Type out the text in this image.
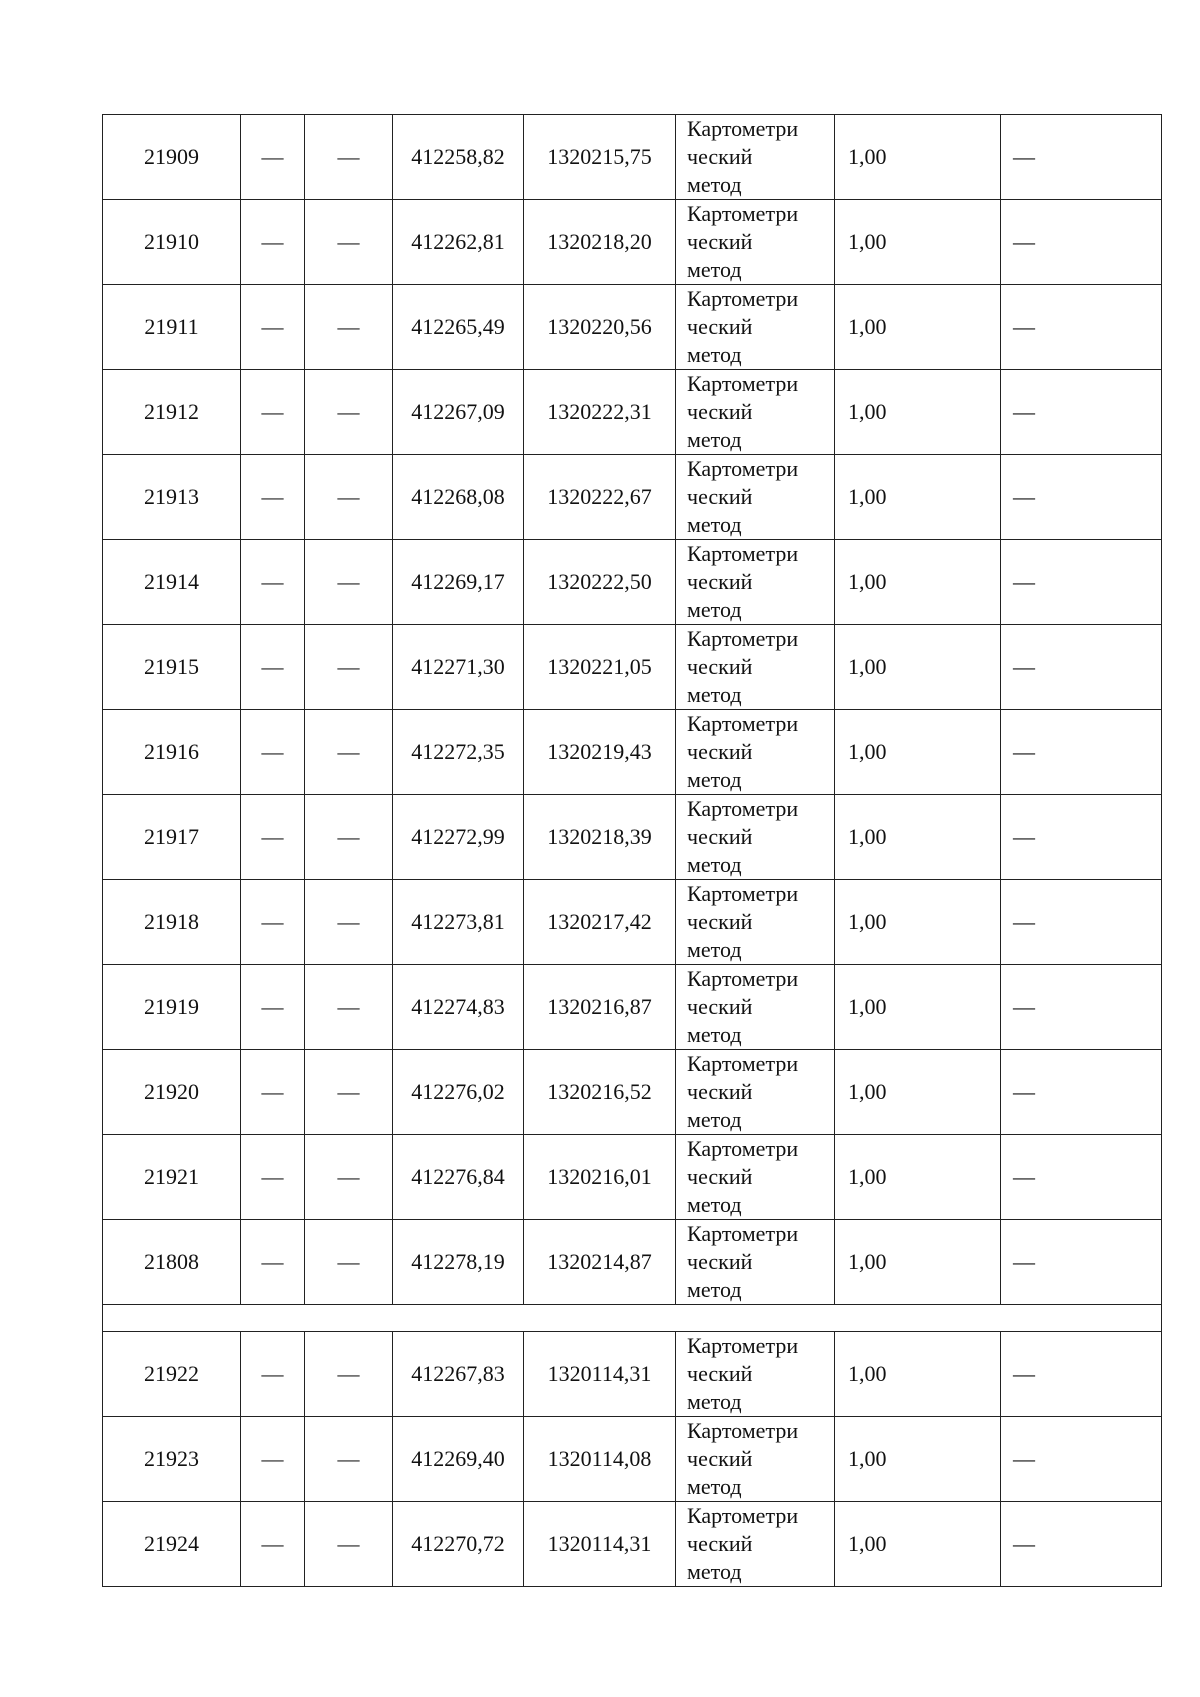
21909	—	—	412258,82	1320215,75	Картометри
ческий
метод	1,00	—
21910	—	—	412262,81	1320218,20	Картометри
ческий
метод	1,00	—
21911	—	—	412265,49	1320220,56	Картометри
ческий
метод	1,00	—
21912	—	—	412267,09	1320222,31	Картометри
ческий
метод	1,00	—
21913	—	—	412268,08	1320222,67	Картометри
ческий
метод	1,00	—
21914	—	—	412269,17	1320222,50	Картометри
ческий
метод	1,00	—
21915	—	—	412271,30	1320221,05	Картометри
ческий
метод	1,00	—
21916	—	—	412272,35	1320219,43	Картометри
ческий
метод	1,00	—
21917	—	—	412272,99	1320218,39	Картометри
ческий
метод	1,00	—
21918	—	—	412273,81	1320217,42	Картометри
ческий
метод	1,00	—
21919	—	—	412274,83	1320216,87	Картометри
ческий
метод	1,00	—
21920	—	—	412276,02	1320216,52	Картометри
ческий
метод	1,00	—
21921	—	—	412276,84	1320216,01	Картометри
ческий
метод	1,00	—
21808	—	—	412278,19	1320214,87	Картометри
ческий
метод	1,00	—

21922	—	—	412267,83	1320114,31	Картометри
ческий
метод	1,00	—
21923	—	—	412269,40	1320114,08	Картометри
ческий
метод	1,00	—
21924	—	—	412270,72	1320114,31	Картометри
ческий
метод	1,00	—
